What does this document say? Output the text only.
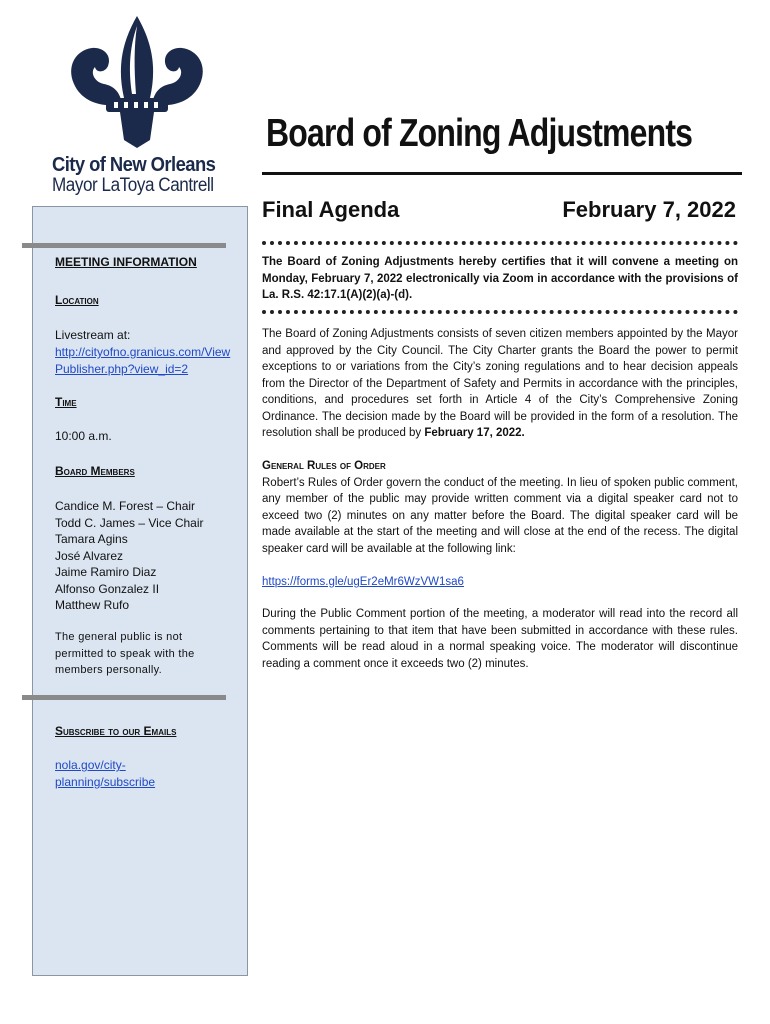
City of New Orleans
Mayor LaToya Cantrell
Board of Zoning Adjustments
Final Agenda	February 7, 2022
MEETING INFORMATION
Location
Livestream at:
http://cityofno.granicus.com/ViewPublisher.php?view_id=2
Time
10:00 a.m.
Board Members
Candice M. Forest – Chair
Todd C. James – Vice Chair
Tamara Agins
José Alvarez
Jaime Ramiro Diaz
Alfonso Gonzalez II
Matthew Rufo
The general public is not permitted to speak with the members personally.
Subscribe to our Emails
nola.gov/city-planning/subscribe
The Board of Zoning Adjustments hereby certifies that it will convene a meeting on Monday, February 7, 2022 electronically via Zoom in accordance with the provisions of La. R.S. 42:17.1(A)(2)(a)-(d).
The Board of Zoning Adjustments consists of seven citizen members appointed by the Mayor and approved by the City Council. The City Charter grants the Board the power to permit exceptions to or variations from the City’s zoning regulations and to hear decision appeals from the Director of the Department of Safety and Permits in accordance with the principles, conditions, and procedures set forth in Article 4 of the City’s Comprehensive Zoning Ordinance. The decision made by the Board will be provided in the form of a resolution. The resolution shall be produced by February 17, 2022.
General Rules of Order
Robert’s Rules of Order govern the conduct of the meeting. In lieu of spoken public comment, any member of the public may provide written comment via a digital speaker card not to exceed two (2) minutes on any matter before the Board. The digital speaker card will be made available at the start of the meeting and will close at the end of the recess. The digital speaker card will be available at the following link:
https://forms.gle/ugEr2eMr6WzVW1sa6
During the Public Comment portion of the meeting, a moderator will read into the record all comments pertaining to that item that have been submitted in accordance with these rules. Comments will be read aloud in a normal speaking voice. The moderator will discontinue reading a comment once it exceeds two (2) minutes.
